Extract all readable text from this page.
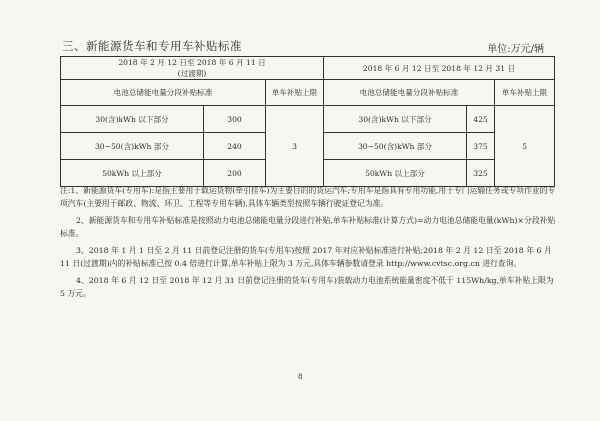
三、新能源货车和专用车补贴标准	单位:万元/辆
2018 年 2 月 12 日至 2018 年 6 月 11 日
(过渡期)			2018 年 6 月 12 日至 2018 年 12 月 31 日		
电池总储能电量分段补贴标准		单车补贴上限	电池总储能电量分段补贴标准		单车补贴上限
30(含)kWh 以下部分	300	3	30(含)kWh 以下部分	425	5
30~50(含)kWh 部分	240		30~50(含)kWh 部分	375	
50kWh 以上部分	200		50kWh 以上部分	325	

注:1、新能源货车(专用车):是指主要用于载运货物(牵引挂车)为主要目的的货运汽车;专用车是指具有专用功能,用于专门运输任务或专项作业的专项汽车(主要用于邮政、物流、环卫、工程等专用车辆),具体车辆类型按照车辆行驶证登记为准。

2、新能源货车和专用车补贴标准是按照动力电池总储能电量分段进行补贴,单车补贴标准(计算方式)=动力电池总储能电量(kWh)×分段补贴标准。

3、2018 年 1 月 1 日至 2 月 11 日前登记注册的货车(专用车)按照 2017 年对应补贴标准进行补贴;2018 年 2 月 12 日至 2018 年 6 月 11 日(过渡期)内的补贴标准已按 0.4 倍进行计算,单车补贴上限为 3 万元,具体车辆参数请登录 http://www.cvtsc.org.cn 进行查询。

4、2018 年 6 月 12 日至 2018 年 12 月 31 日前登记注册的货车(专用车)装载动力电池系统能量密度不低于 115Wh/kg,单车补贴上限为 5 万元。

8
